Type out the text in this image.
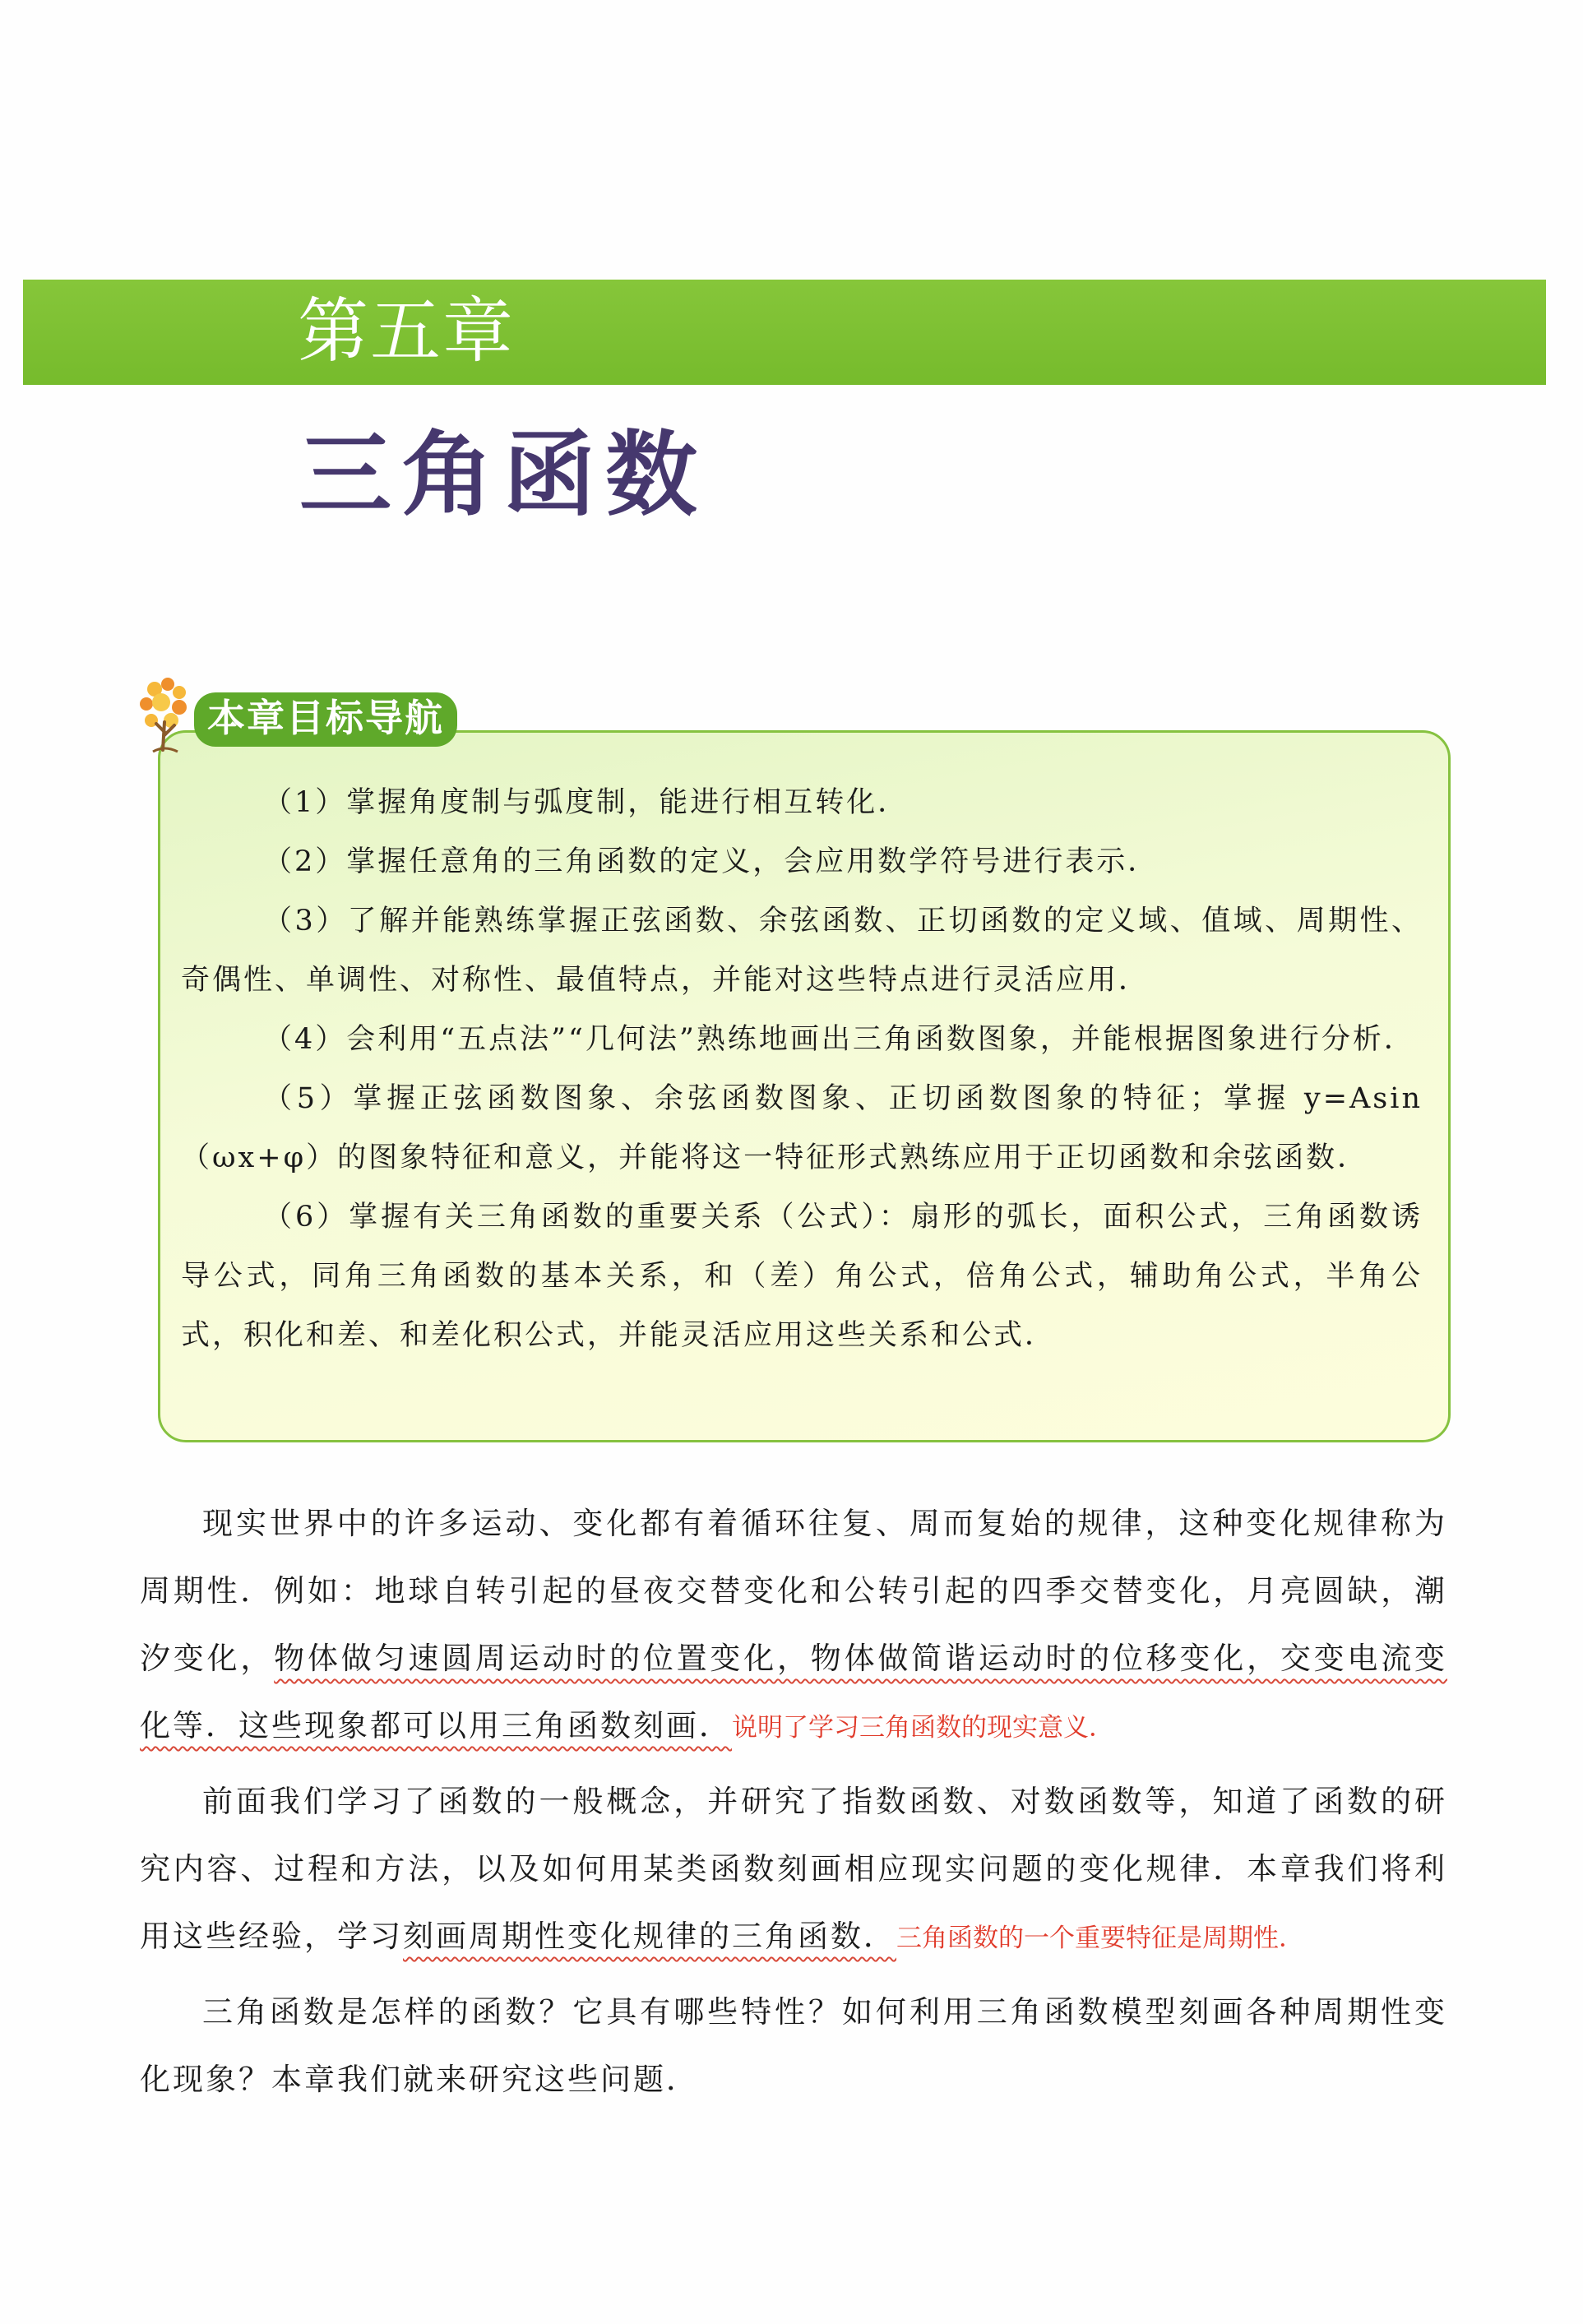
第五章
三角函数
本章目标导航
（1）掌握角度制与弧度制，能进行相互转化．
（2）掌握任意角的三角函数的定义，会应用数学符号进行表示．
（3）了解并能熟练掌握正弦函数、余弦函数、正切函数的定义域、值域、周期性、奇偶性、单调性、对称性、最值特点，并能对这些特点进行灵活应用．
（4）会利用“五点法”“几何法”熟练地画出三角函数图象，并能根据图象进行分析．
（5）掌握正弦函数图象、余弦函数图象、正切函数图象的特征；掌握 y=Asin（ωx+φ）的图象特征和意义，并能将这一特征形式熟练应用于正切函数和余弦函数．
（6）掌握有关三角函数的重要关系（公式）：扇形的弧长，面积公式，三角函数诱导公式，同角三角函数的基本关系，和（差）角公式，倍角公式，辅助角公式，半角公式，积化和差、和差化积公式，并能灵活应用这些关系和公式．

现实世界中的许多运动、变化都有着循环往复、周而复始的规律，这种变化规律称为周期性．例如：地球自转引起的昼夜交替变化和公转引起的四季交替变化，月亮圆缺，潮汐变化，物体做匀速圆周运动时的位置变化，物体做简谐运动时的位移变化，交变电流变化等．这些现象都可以用三角函数刻画．说明了学习三角函数的现实意义．

前面我们学习了函数的一般概念，并研究了指数函数、对数函数等，知道了函数的研究内容、过程和方法，以及如何用某类函数刻画相应现实问题的变化规律．本章我们将利用这些经验，学习刻画周期性变化规律的三角函数．三角函数的一个重要特征是周期性．

三角函数是怎样的函数？它具有哪些特性？如何利用三角函数模型刻画各种周期性变化现象？本章我们就来研究这些问题．
